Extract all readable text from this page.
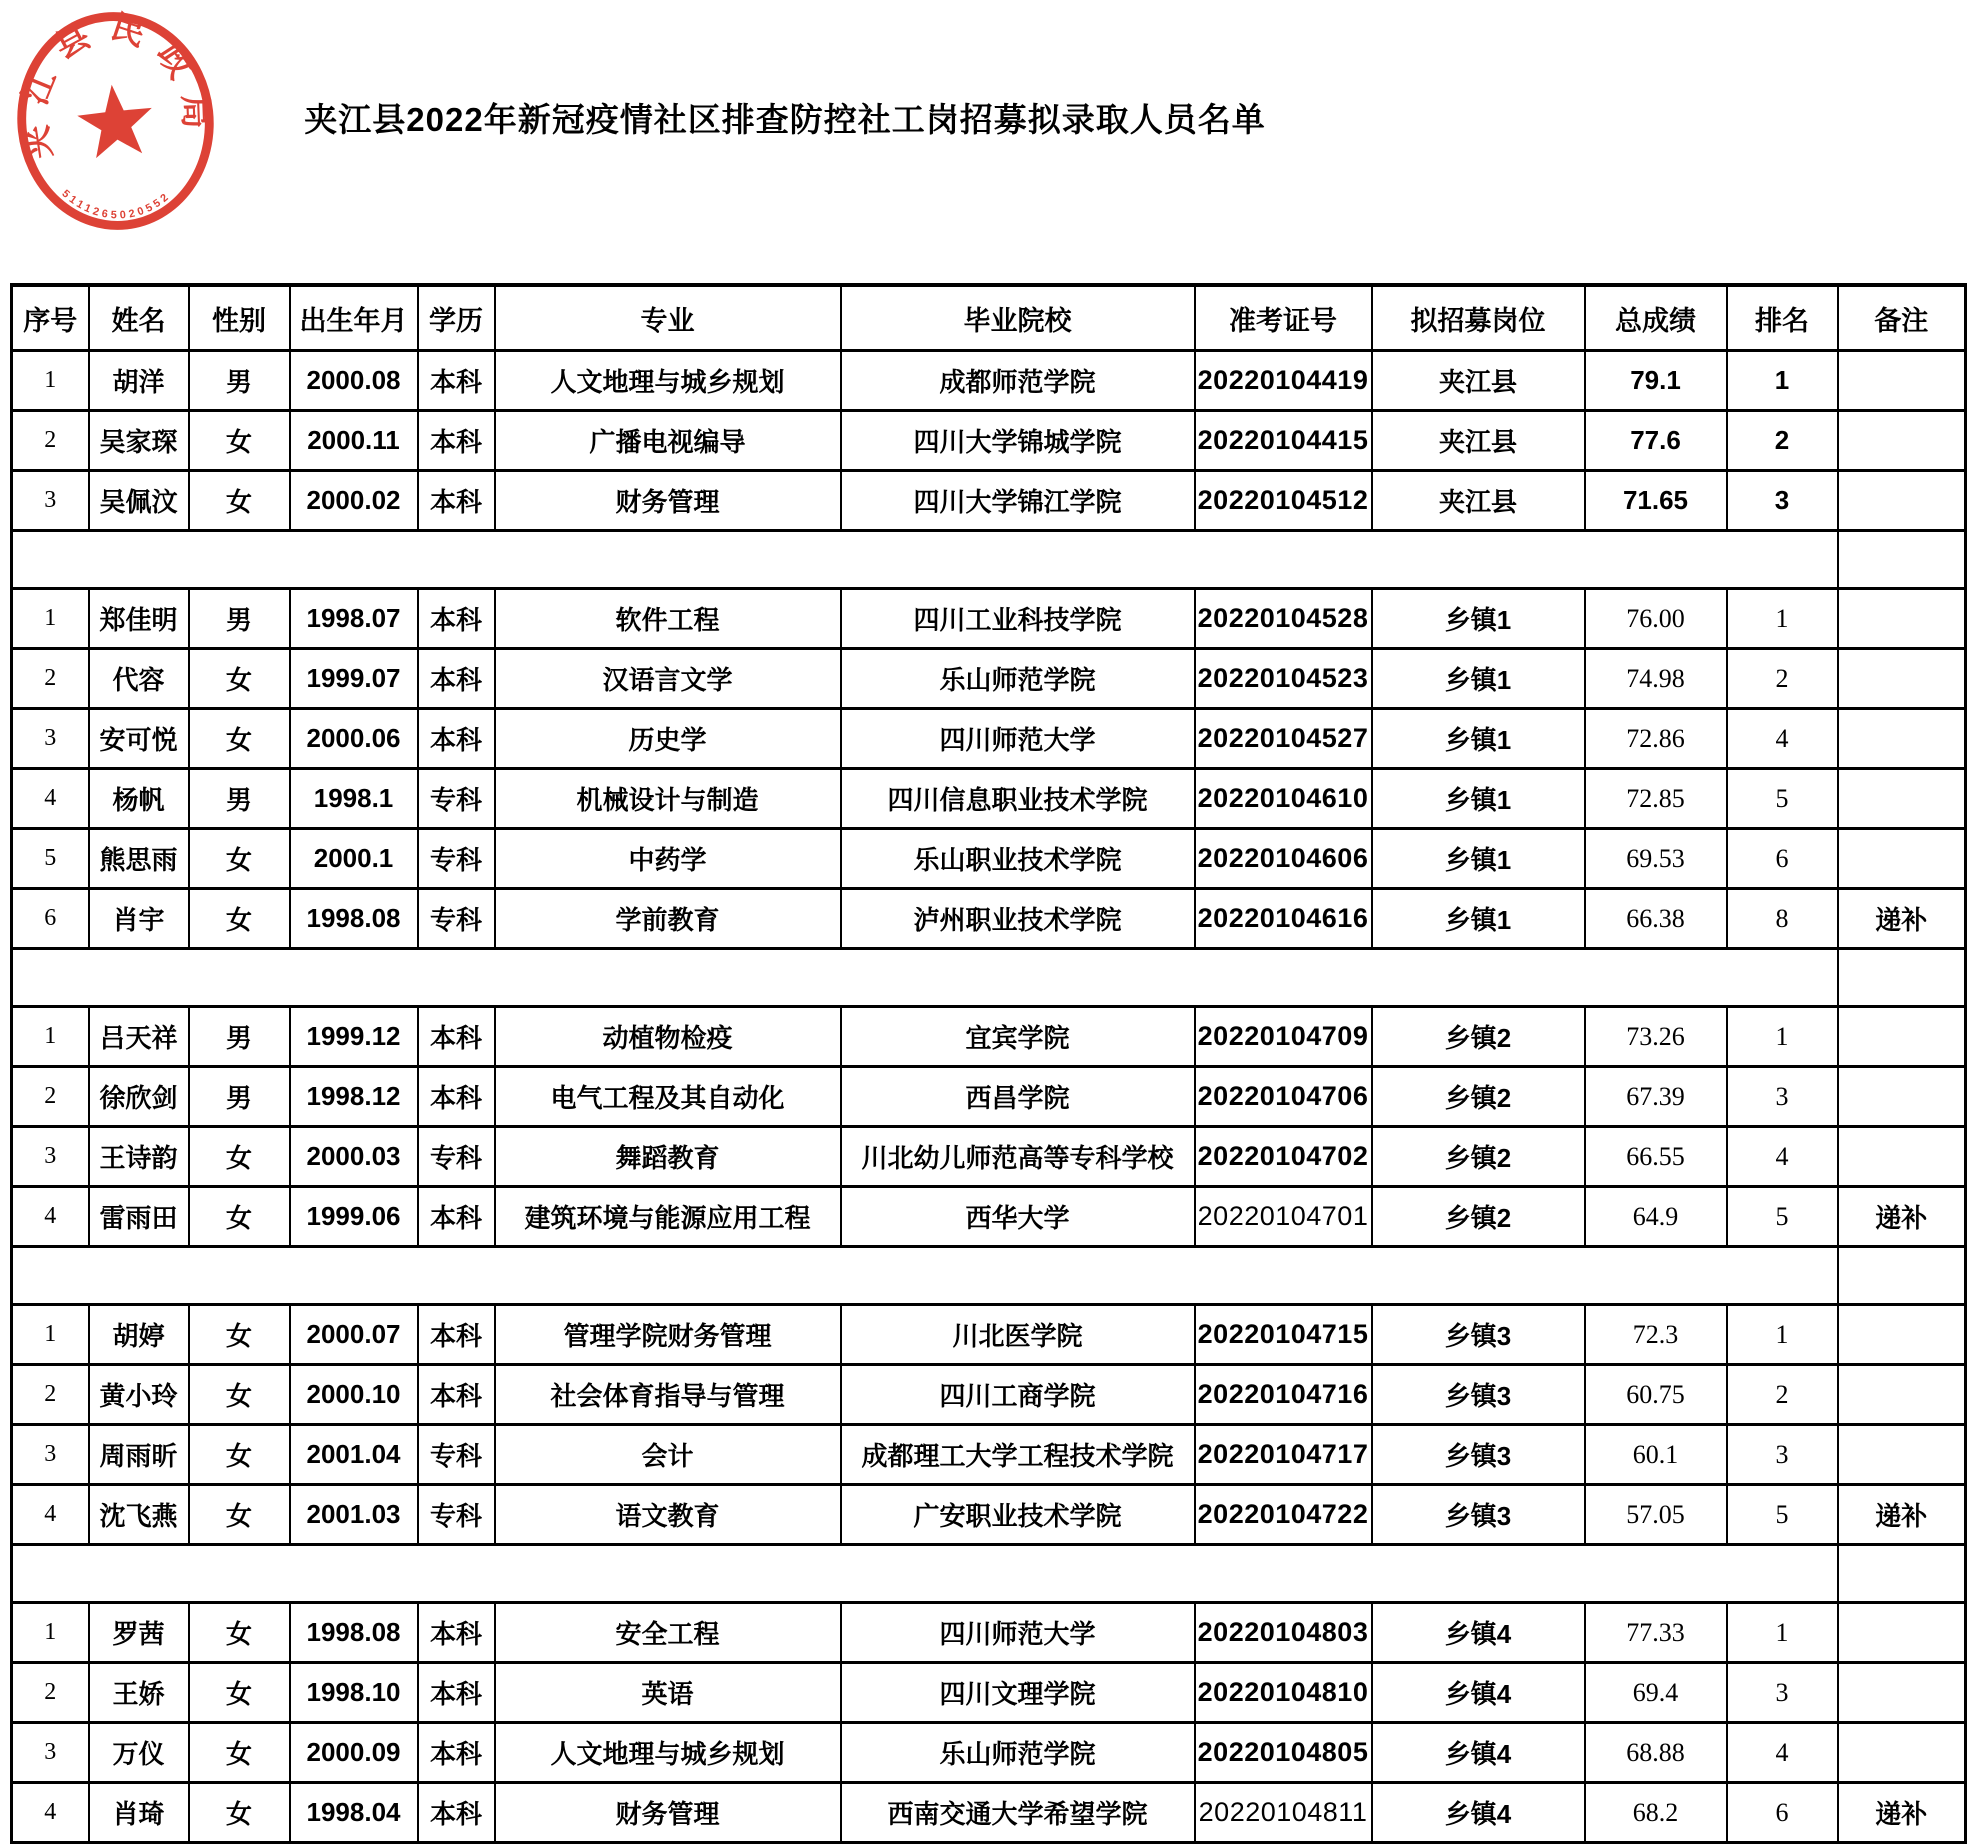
夹江县民政局
5111265020552
夹江县2022年新冠疫情社区排查防控社工岗招募拟录取人员名单
序号	姓名	性别	出生年月	学历	专业	毕业院校	准考证号	拟招募岗位	总成绩	排名	备注
1	胡洋	男	2000.08	本科	人文地理与城乡规划	成都师范学院	20220104419	夹江县	79.1	1	
2	吴家琛	女	2000.11	本科	广播电视编导	四川大学锦城学院	20220104415	夹江县	77.6	2	
3	吴佩汶	女	2000.02	本科	财务管理	四川大学锦江学院	20220104512	夹江县	71.65	3	

1	郑佳明	男	1998.07	本科	软件工程	四川工业科技学院	20220104528	乡镇1	76.00	1	
2	代容	女	1999.07	本科	汉语言文学	乐山师范学院	20220104523	乡镇1	74.98	2	
3	安可悦	女	2000.06	本科	历史学	四川师范大学	20220104527	乡镇1	72.86	4	
4	杨帆	男	1998.1	专科	机械设计与制造	四川信息职业技术学院	20220104610	乡镇1	72.85	5	
5	熊思雨	女	2000.1	专科	中药学	乐山职业技术学院	20220104606	乡镇1	69.53	6	
6	肖宇	女	1998.08	专科	学前教育	泸州职业技术学院	20220104616	乡镇1	66.38	8	递补

1	吕天祥	男	1999.12	本科	动植物检疫	宜宾学院	20220104709	乡镇2	73.26	1	
2	徐欣剑	男	1998.12	本科	电气工程及其自动化	西昌学院	20220104706	乡镇2	67.39	3	
3	王诗韵	女	2000.03	专科	舞蹈教育	川北幼儿师范高等专科学校	20220104702	乡镇2	66.55	4	
4	雷雨田	女	1999.06	本科	建筑环境与能源应用工程	西华大学	20220104701	乡镇2	64.9	5	递补

1	胡婷	女	2000.07	本科	管理学院财务管理	川北医学院	20220104715	乡镇3	72.3	1	
2	黄小玲	女	2000.10	本科	社会体育指导与管理	四川工商学院	20220104716	乡镇3	60.75	2	
3	周雨昕	女	2001.04	专科	会计	成都理工大学工程技术学院	20220104717	乡镇3	60.1	3	
4	沈飞燕	女	2001.03	专科	语文教育	广安职业技术学院	20220104722	乡镇3	57.05	5	递补

1	罗茜	女	1998.08	本科	安全工程	四川师范大学	20220104803	乡镇4	77.33	1	
2	王娇	女	1998.10	本科	英语	四川文理学院	20220104810	乡镇4	69.4	3	
3	万仪	女	2000.09	本科	人文地理与城乡规划	乐山师范学院	20220104805	乡镇4	68.88	4	
4	肖琦	女	1998.04	本科	财务管理	西南交通大学希望学院	20220104811	乡镇4	68.2	6	递补
